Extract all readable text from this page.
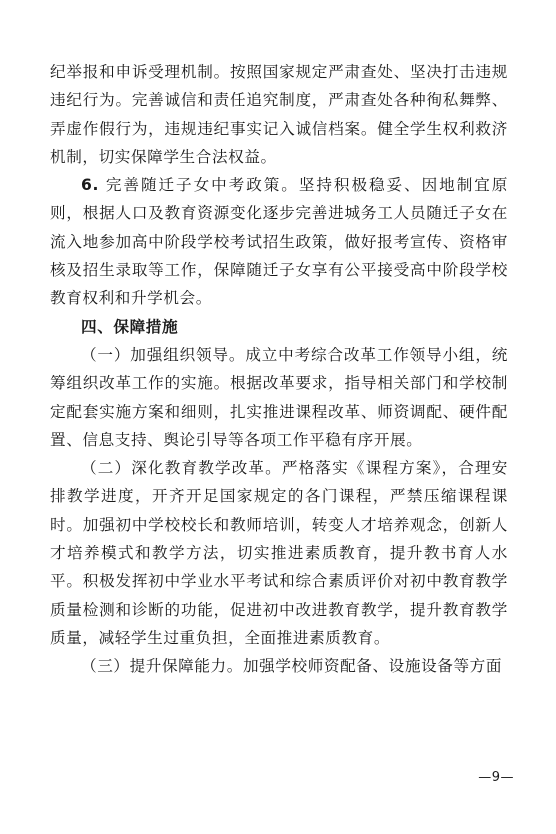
纪举报和申诉受理机制。按照国家规定严肃查处、坚决打击违规违纪行为。完善诚信和责任追究制度，严肃查处各种徇私舞弊、弄虚作假行为，违规违纪事实记入诚信档案。健全学生权利救济机制，切实保障学生合法权益。

6. 完善随迁子女中考政策。坚持积极稳妥、因地制宜原则，根据人口及教育资源变化逐步完善进城务工人员随迁子女在流入地参加高中阶段学校考试招生政策，做好报考宣传、资格审核及招生录取等工作，保障随迁子女享有公平接受高中阶段学校教育权利和升学机会。

四、保障措施

（一）加强组织领导。成立中考综合改革工作领导小组，统筹组织改革工作的实施。根据改革要求，指导相关部门和学校制定配套实施方案和细则，扎实推进课程改革、师资调配、硬件配置、信息支持、舆论引导等各项工作平稳有序开展。

（二）深化教育教学改革。严格落实《课程方案》，合理安排教学进度，开齐开足国家规定的各门课程，严禁压缩课程课时。加强初中学校校长和教师培训，转变人才培养观念，创新人才培养模式和教学方法，切实推进素质教育，提升教书育人水平。积极发挥初中学业水平考试和综合素质评价对初中教育教学质量检测和诊断的功能，促进初中改进教育教学，提升教育教学质量，减轻学生过重负担，全面推进素质教育。

（三）提升保障能力。加强学校师资配备、设施设备等方面

—9—
